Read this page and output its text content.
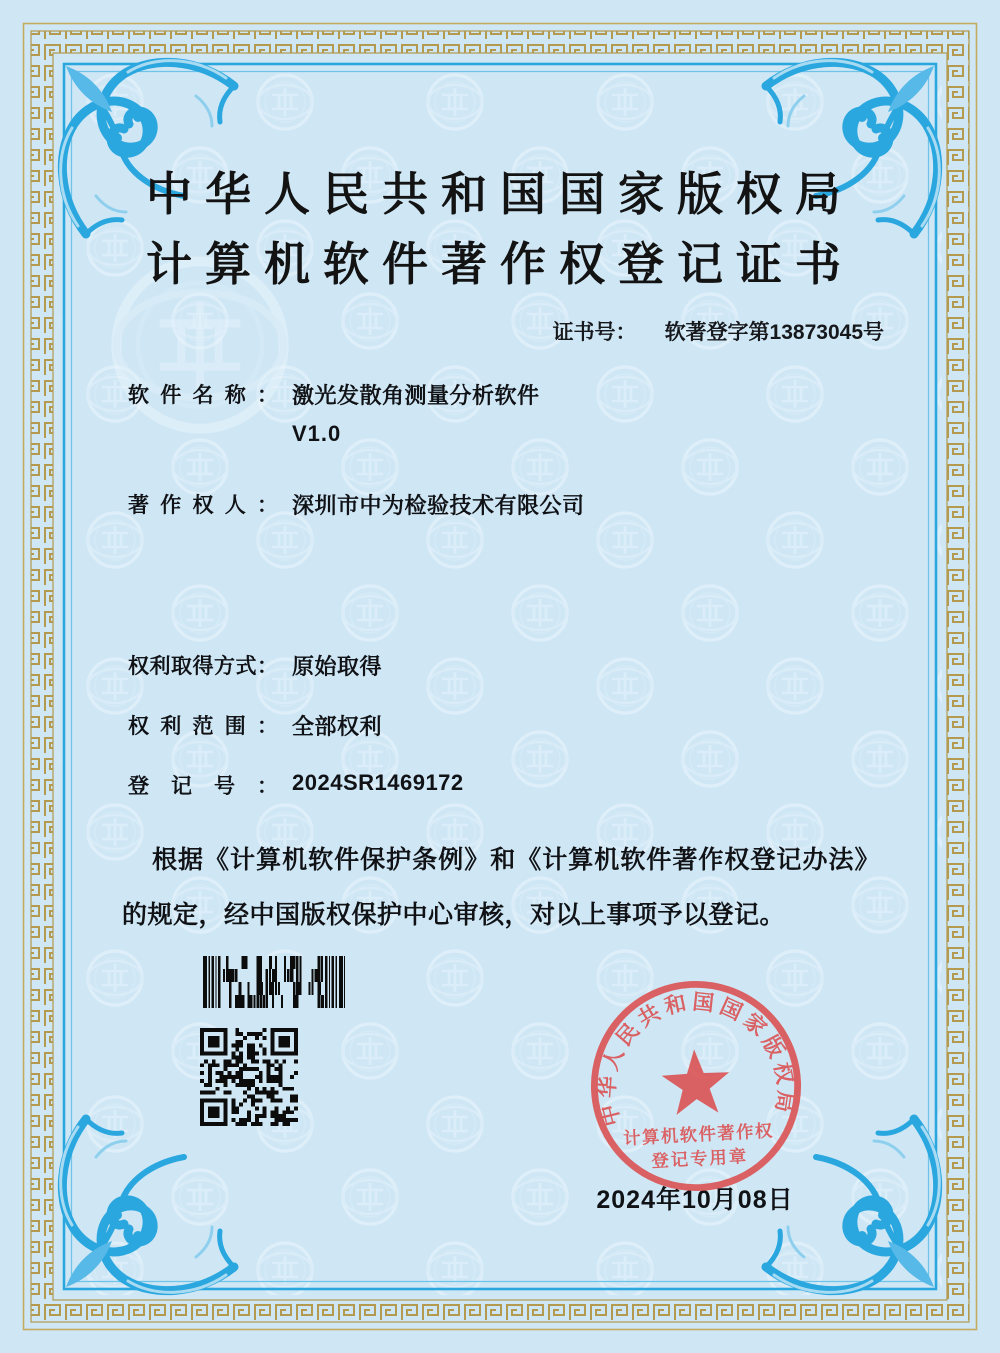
中华人民共和国国家版权局
计算机软件著作权登记证书
证书号： 软著登字第13873045号
软件名称： 激光发散角测量分析软件
V1.0
著作权人： 深圳市中为检验技术有限公司
权利取得方式： 原始取得
权利范围： 全部权利
登记号： 2024SR1469172
根据《计算机软件保护条例》和《计算机软件著作权登记办法》的规定，经中国版权保护中心审核，对以上事项予以登记。
中华人民共和国国家版权局
计算机软件著作权
登记专用章
2024年10月08日
